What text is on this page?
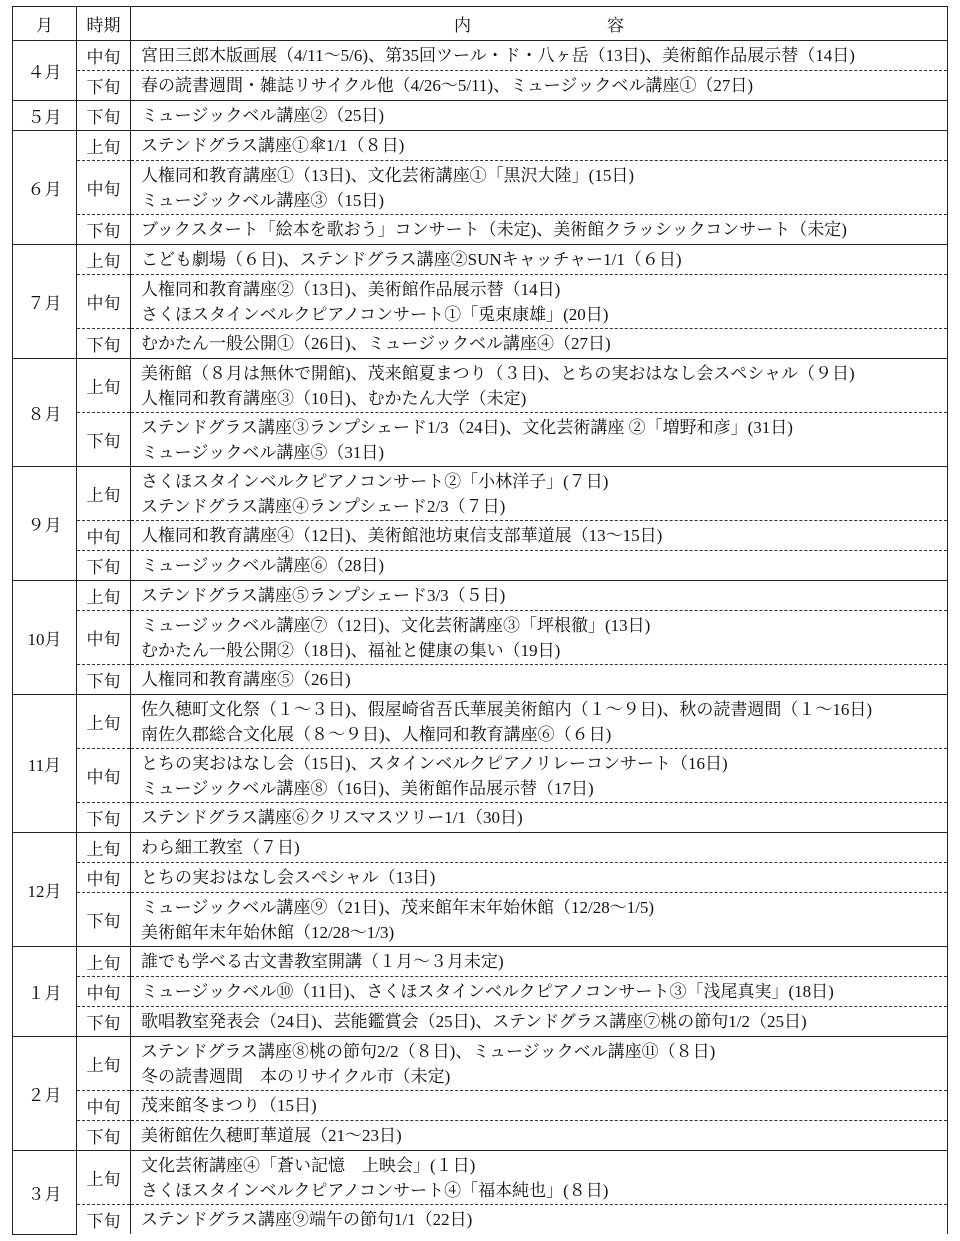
月	時期	内　　　　　　　　容
４月	中旬	宮田三郎木版画展（4/11～5/6)、第35回ツール・ド・八ヶ岳（13日)、美術館作品展示替（14日)

	下旬	春の読書週間・雑誌リサイクル他（4/26～5/11)、ミュージックベル講座①（27日)

５月	下旬	ミュージックベル講座②（25日)

６月	上旬	ステンドグラス講座①傘1/1（８日)

	中旬	人権同和教育講座①（13日)、文化芸術講座①「黒沢大陸」(15日)
ミュージックベル講座③（15日)

	下旬	ブックスタート「絵本を歌おう」コンサート（未定)、美術館クラッシックコンサート（未定)

７月	上旬	こども劇場（６日)、ステンドグラス講座②SUNキャッチャー1/1（６日)

	中旬	人権同和教育講座②（13日)、美術館作品展示替（14日)
さくほスタインベルクピアノコンサート①「兎束康雄」(20日)

	下旬	むかたん一般公開①（26日)、ミュージックベル講座④（27日)

８月	上旬	美術館（８月は無休で開館)、茂来館夏まつり（３日)、とちの実おはなし会スペシャル（９日)
人権同和教育講座③（10日)、むかたん大学（未定)

	下旬	ステンドグラス講座③ランプシェード1/3（24日)、文化芸術講座 ②「増野和彦」(31日)
ミュージックベル講座⑤（31日)

９月	上旬	さくほスタインベルクピアノコンサート②「小林洋子」(７日)
ステンドグラス講座④ランプシェード2/3（７日)

	中旬	人権同和教育講座④（12日)、美術館池坊東信支部華道展（13～15日)

	下旬	ミュージックベル講座⑥（28日)

10月	上旬	ステンドグラス講座⑤ランプシェード3/3（５日)

	中旬	ミュージックベル講座⑦（12日)、文化芸術講座③「坪根徹」(13日)
むかたん一般公開②（18日)、福祉と健康の集い（19日)

	下旬	人権同和教育講座⑤（26日)

11月	上旬	佐久穂町文化祭（１～３日)、假屋崎省吾氏華展美術館内（１～９日)、秋の読書週間（１～16日)
南佐久郡総合文化展（８～９日)、人権同和教育講座⑥（６日)

	中旬	とちの実おはなし会（15日)、スタインベルクピアノリレーコンサート（16日)
ミュージックベル講座⑧（16日)、美術館作品展示替（17日)

	下旬	ステンドグラス講座⑥クリスマスツリー1/1（30日)

12月	上旬	わら細工教室（７日)

	中旬	とちの実おはなし会スペシャル（13日)

	下旬	ミュージックベル講座⑨（21日)、茂来館年末年始休館（12/28～1/5)
美術館年末年始休館（12/28～1/3)

１月	上旬	誰でも学べる古文書教室開講（１月～３月未定)

	中旬	ミュージックベル⑩（11日)、さくほスタインベルクピアノコンサート③「浅尾真実」(18日)

	下旬	歌唱教室発表会（24日)、芸能鑑賞会（25日)、ステンドグラス講座⑦桃の節句1/2（25日)

２月	上旬	ステンドグラス講座⑧桃の節句2/2（８日)、ミュージックベル講座⑪（８日)
冬の読書週間　本のリサイクル市（未定)

	中旬	茂来館冬まつり（15日)

	下旬	美術館佐久穂町華道展（21～23日)

３月	上旬	文化芸術講座④「蒼い記憶　上映会」(１日)
さくほスタインベルクピアノコンサート④「福本純也」(８日)

	下旬	ステンドグラス講座⑨端午の節句1/1（22日)
